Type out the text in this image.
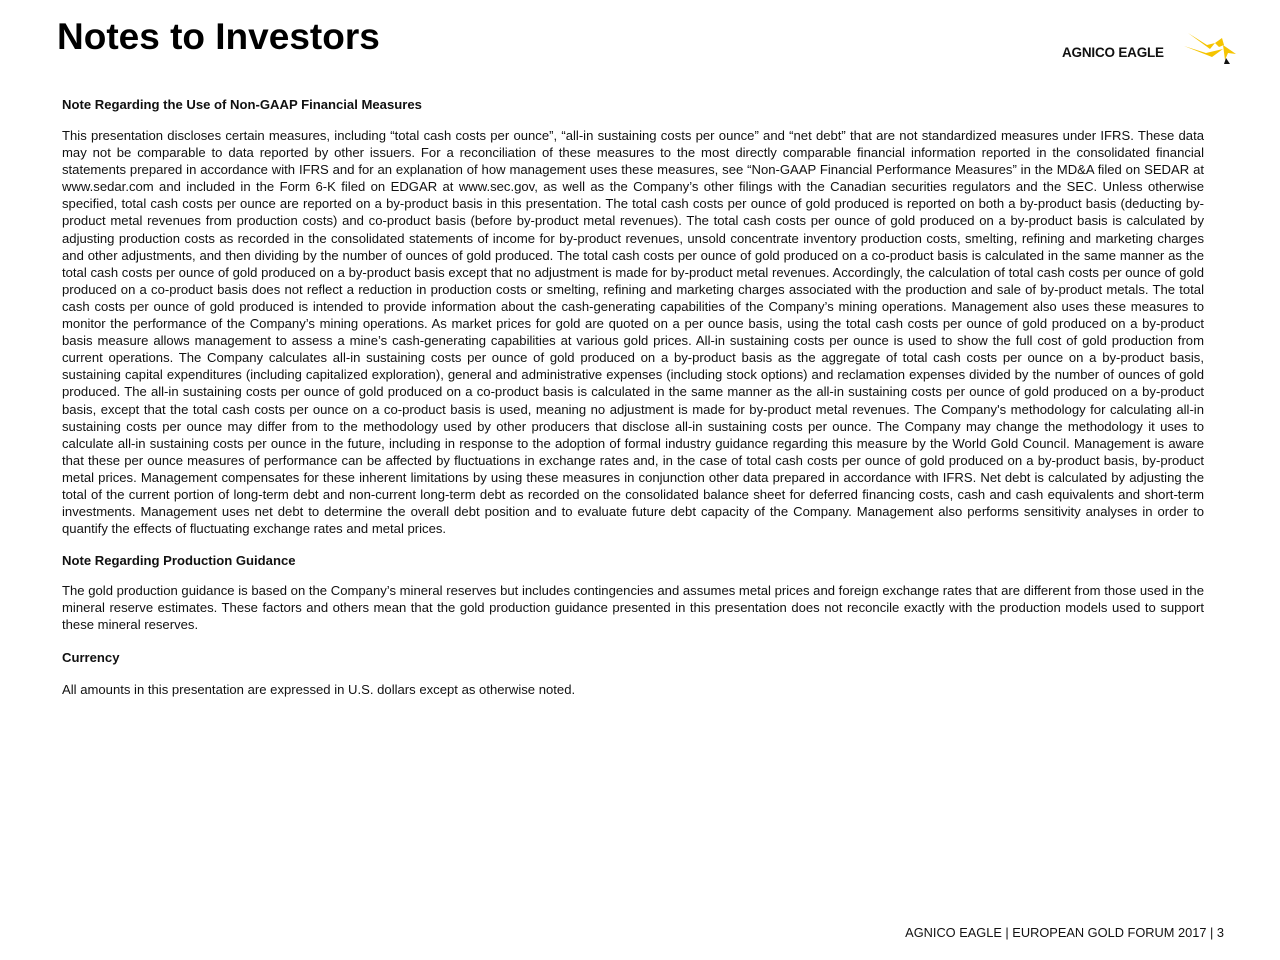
Notes to Investors	AGNICO EAGLE

Note Regarding the Use of Non-GAAP Financial Measures

This presentation discloses certain measures, including “total cash costs per ounce”, “all-in sustaining costs per ounce” and “net debt” that are not standardized measures under IFRS. These data may not be comparable to data reported by other issuers. For a reconciliation of these measures to the most directly comparable financial information reported in the consolidated financial statements prepared in accordance with IFRS and for an explanation of how management uses these measures, see “Non-GAAP Financial Performance Measures” in the MD&A filed on SEDAR at www.sedar.com and included in the Form 6-K filed on EDGAR at www.sec.gov, as well as the Company’s other filings with the Canadian securities regulators and the SEC. Unless otherwise specified, total cash costs per ounce are reported on a by-product basis in this presentation. The total cash costs per ounce of gold produced is reported on both a by-product basis (deducting by-product metal revenues from production costs) and co-product basis (before by-product metal revenues). The total cash costs per ounce of gold produced on a by-product basis is calculated by adjusting production costs as recorded in the consolidated statements of income for by-product revenues, unsold concentrate inventory production costs, smelting, refining and marketing charges and other adjustments, and then dividing by the number of ounces of gold produced. The total cash costs per ounce of gold produced on a co-product basis is calculated in the same manner as the total cash costs per ounce of gold produced on a by-product basis except that no adjustment is made for by-product metal revenues. Accordingly, the calculation of total cash costs per ounce of gold produced on a co-product basis does not reflect a reduction in production costs or smelting, refining and marketing charges associated with the production and sale of by-product metals. The total cash costs per ounce of gold produced is intended to provide information about the cash-generating capabilities of the Company’s mining operations. Management also uses these measures to monitor the performance of the Company’s mining operations. As market prices for gold are quoted on a per ounce basis, using the total cash costs per ounce of gold produced on a by-product basis measure allows management to assess a mine’s cash-generating capabilities at various gold prices. All-in sustaining costs per ounce is used to show the full cost of gold production from current operations. The Company calculates all-in sustaining costs per ounce of gold produced on a by-product basis as the aggregate of total cash costs per ounce on a by-product basis, sustaining capital expenditures (including capitalized exploration), general and administrative expenses (including stock options) and reclamation expenses divided by the number of ounces of gold produced. The all-in sustaining costs per ounce of gold produced on a co-product basis is calculated in the same manner as the all-in sustaining costs per ounce of gold produced on a by-product basis, except that the total cash costs per ounce on a co-product basis is used, meaning no adjustment is made for by-product metal revenues. The Company's methodology for calculating all-in sustaining costs per ounce may differ from to the methodology used by other producers that disclose all-in sustaining costs per ounce. The Company may change the methodology it uses to calculate all-in sustaining costs per ounce in the future, including in response to the adoption of formal industry guidance regarding this measure by the World Gold Council. Management is aware that these per ounce measures of performance can be affected by fluctuations in exchange rates and, in the case of total cash costs per ounce of gold produced on a by-product basis, by-product metal prices. Management compensates for these inherent limitations by using these measures in conjunction other data prepared in accordance with IFRS. Net debt is calculated by adjusting the total of the current portion of long-term debt and non-current long-term debt as recorded on the consolidated balance sheet for deferred financing costs, cash and cash equivalents and short-term investments. Management uses net debt to determine the overall debt position and to evaluate future debt capacity of the Company. Management also performs sensitivity analyses in order to quantify the effects of fluctuating exchange rates and metal prices.

Note Regarding Production Guidance

The gold production guidance is based on the Company’s mineral reserves but includes contingencies and assumes metal prices and foreign exchange rates that are different from those used in the mineral reserve estimates. These factors and others mean that the gold production guidance presented in this presentation does not reconcile exactly with the production models used to support these mineral reserves.

Currency

All amounts in this presentation are expressed in U.S. dollars except as otherwise noted.

AGNICO EAGLE | EUROPEAN GOLD FORUM 2017 | 3
